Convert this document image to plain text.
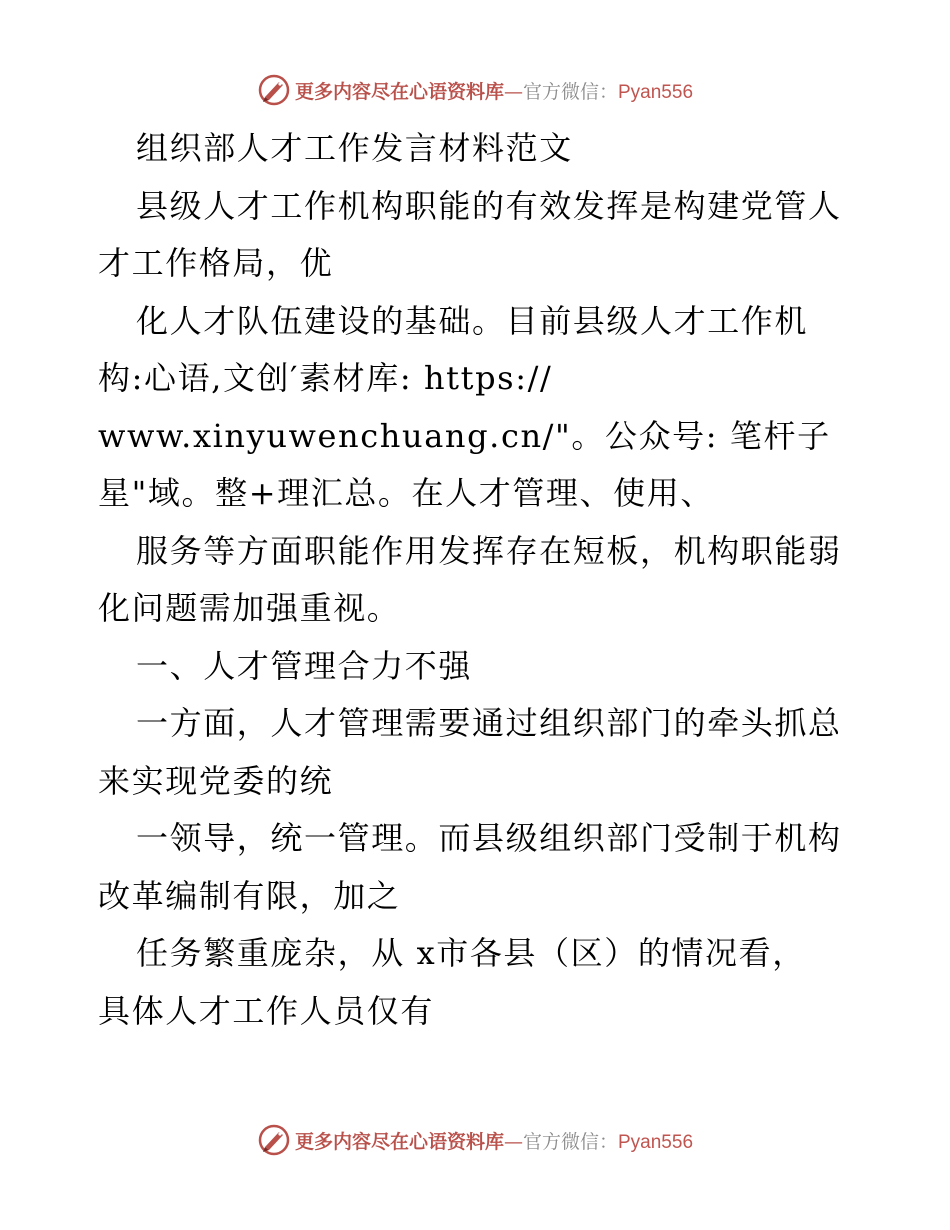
更多内容尽在心语资料库—官方微信：Pyan556
组织部人才工作发言材料范文
县级人才工作机构职能的有效发挥是构建党管人
才工作格局，优
化人才队伍建设的基础。目前县级人才工作机
构:心语,文创′素材库: https://
www.xinyuwenchuang.cn/"。公众号: 笔杆子
星"域。整+理汇总。在人才管理、使用、
服务等方面职能作用发挥存在短板，机构职能弱
化问题需加强重视。
一、人才管理合力不强
一方面，人才管理需要通过组织部门的牵头抓总
来实现党委的统
一领导，统一管理。而县级组织部门受制于机构
改革编制有限，加之
任务繁重庞杂，从 x市各县（区）的情况看，
具体人才工作人员仅有
更多内容尽在心语资料库—官方微信：Pyan556
